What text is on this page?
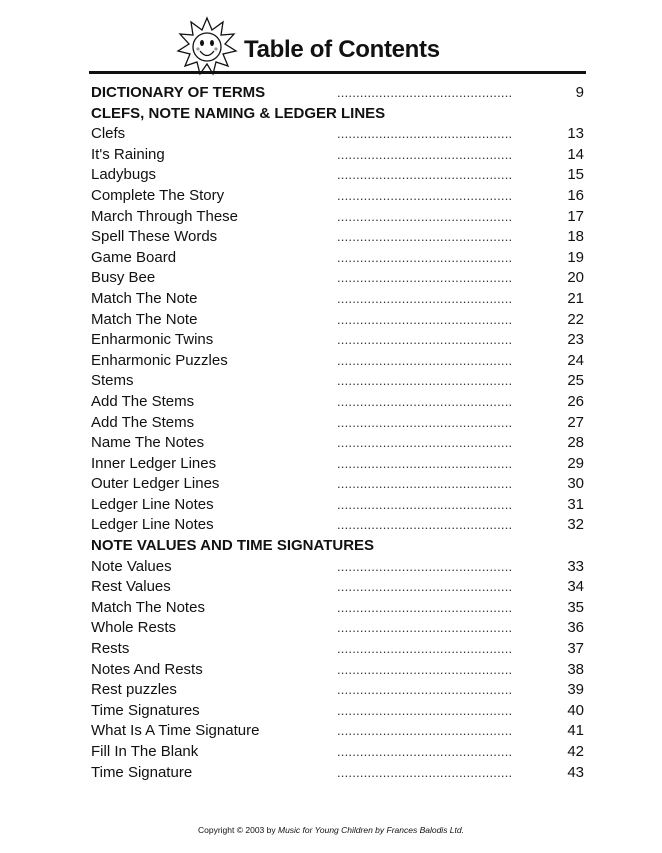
Table of Contents
DICTIONARY OF TERMS	..............................................	9
CLEFS, NOTE NAMING & LEDGER LINES
Clefs	..............................................	13
It's Raining	..............................................	14
Ladybugs	..............................................	15
Complete The Story	..............................................	16
March Through These	..............................................	17
Spell These Words	..............................................	18
Game Board	..............................................	19
Busy Bee	..............................................	20
Match The Note	..............................................	21
Match The Note	..............................................	22
Enharmonic Twins	..............................................	23
Enharmonic Puzzles	..............................................	24
Stems	..............................................	25
Add The Stems	..............................................	26
Add The Stems	..............................................	27
Name The Notes	..............................................	28
Inner Ledger Lines	..............................................	29
Outer Ledger Lines	..............................................	30
Ledger Line Notes	..............................................	31
Ledger Line Notes	..............................................	32
NOTE VALUES AND TIME SIGNATURES
Note Values	..............................................	33
Rest Values	..............................................	34
Match The Notes	..............................................	35
Whole Rests	..............................................	36
Rests	..............................................	37
Notes And Rests	..............................................	38
Rest puzzles	..............................................	39
Time Signatures	..............................................	40
What Is A Time Signature	..............................................	41
Fill In The Blank	..............................................	42
Time Signature	..............................................	43
Copyright © 2003 by Music for Young Children by Frances Balodis Ltd.
